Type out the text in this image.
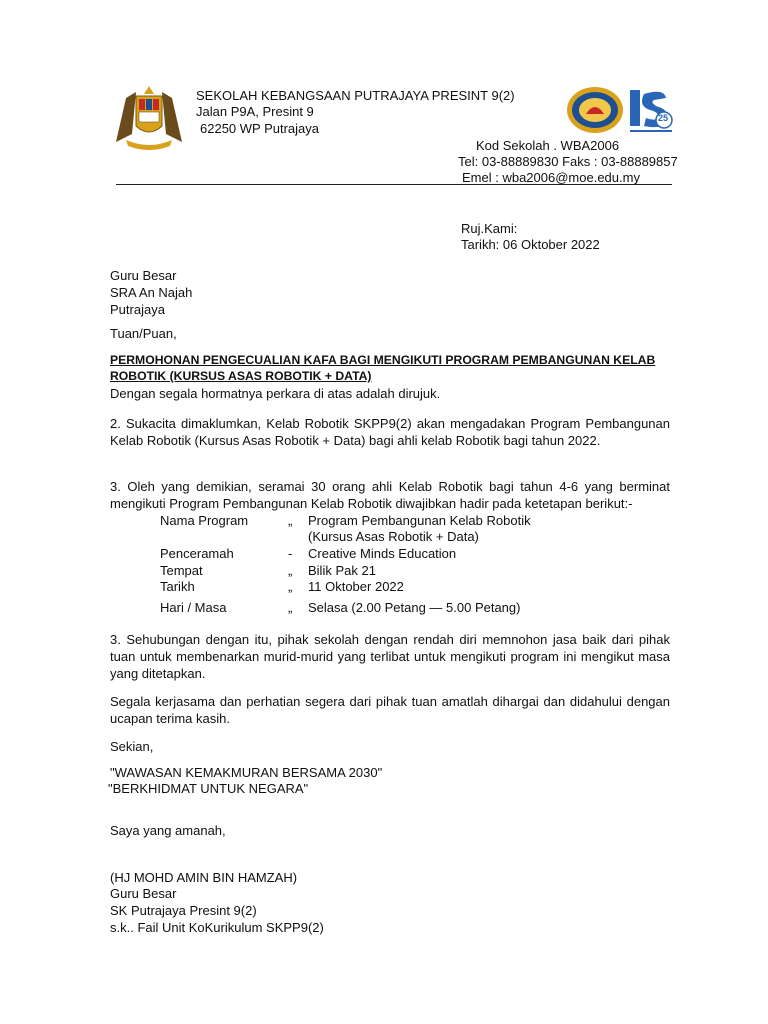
SEKOLAH KEBANGSAAN PUTRAJAYA PRESINT 9(2)
Jalan P9A, Presint 9
62250 WP Putrajaya
25
Kod Sekolah . WBA2006
Tel: 03-88889830 Faks : 03-88889857
Emel : wba2006@moe.edu.my
Ruj.Kami:
Tarikh: 06 Oktober 2022
Guru Besar
SRA An Najah
Putrajaya
Tuan/Puan,
PERMOHONAN PENGECUALIAN KAFA BAGI MENGIKUTI PROGRAM PEMBANGUNAN KELAB
ROBOTIK (KURSUS ASAS ROBOTIK + DATA)
Dengan segala hormatnya perkara di atas adalah dirujuk.
2. Sukacita dimaklumkan, Kelab Robotik SKPP9(2) akan mengadakan Program Pembangunan Kelab Robotik (Kursus Asas Robotik + Data) bagi ahli kelab Robotik bagi tahun 2022.
3. Oleh yang demikian, seramai 30 orang ahli Kelab Robotik bagi tahun 4-6 yang berminat mengikuti Program Pembangunan Kelab Robotik diwajibkan hadir pada ketetapan berikut:-
Nama Program	„ Program Pembangunan Kelab Robotik
(Kursus Asas Robotik + Data)
Penceramah	- Creative Minds Education
Tempat	„ Bilik Pak 21
Tarikh	„ 11 Oktober 2022
Hari / Masa	„ Selasa (2.00 Petang — 5.00 Petang)
3. Sehubungan dengan itu, pihak sekolah dengan rendah diri memnohon jasa baik dari pihak tuan untuk membenarkan murid-murid yang terlibat untuk mengikuti program ini mengikut masa yang ditetapkan.
Segala kerjasama dan perhatian segera dari pihak tuan amatlah dihargai dan didahului dengan ucapan terima kasih.
Sekian,
"WAWASAN KEMAKMURAN BERSAMA 2030"
"BERKHIDMAT UNTUK NEGARA"
Saya yang amanah,
(HJ MOHD AMIN BIN HAMZAH)
Guru Besar
SK Putrajaya Presint 9(2)
s.k.. Fail Unit KoKurikulum SKPP9(2)
